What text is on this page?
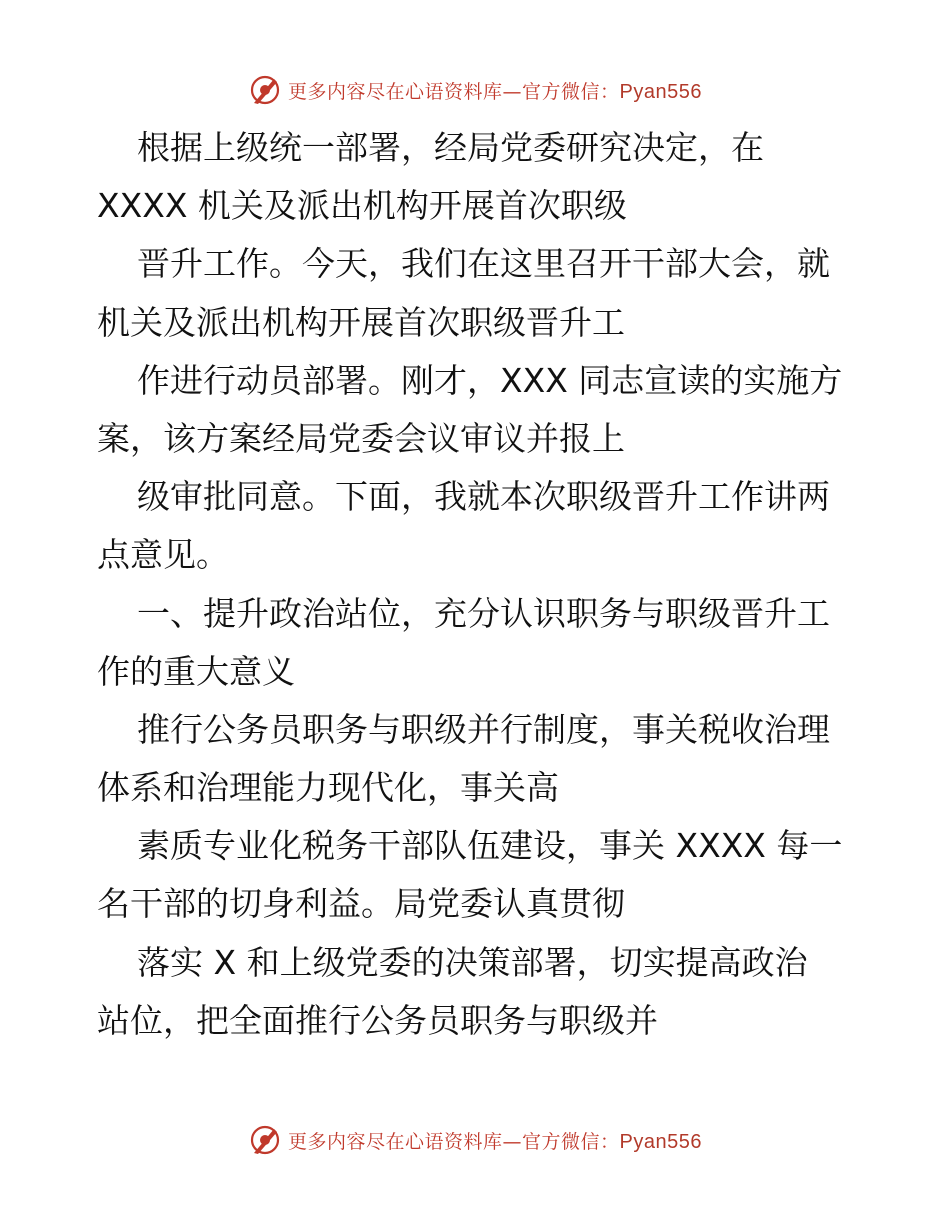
更多内容尽在心语资料库—官方微信：Pyan556
根据上级统一部署，经局党委研究决定，在
XXXX 机关及派出机构开展首次职级
晋升工作。今天，我们在这里召开干部大会，就
机关及派出机构开展首次职级晋升工
作进行动员部署。刚才，XXX 同志宣读的实施方
案，该方案经局党委会议审议并报上
级审批同意。下面，我就本次职级晋升工作讲两
点意见。
一、提升政治站位，充分认识职务与职级晋升工
作的重大意义
推行公务员职务与职级并行制度，事关税收治理
体系和治理能力现代化，事关高
素质专业化税务干部队伍建设，事关 XXXX 每一
名干部的切身利益。局党委认真贯彻
落实 X 和上级党委的决策部署，切实提高政治
站位，把全面推行公务员职务与职级并
更多内容尽在心语资料库—官方微信：Pyan556
